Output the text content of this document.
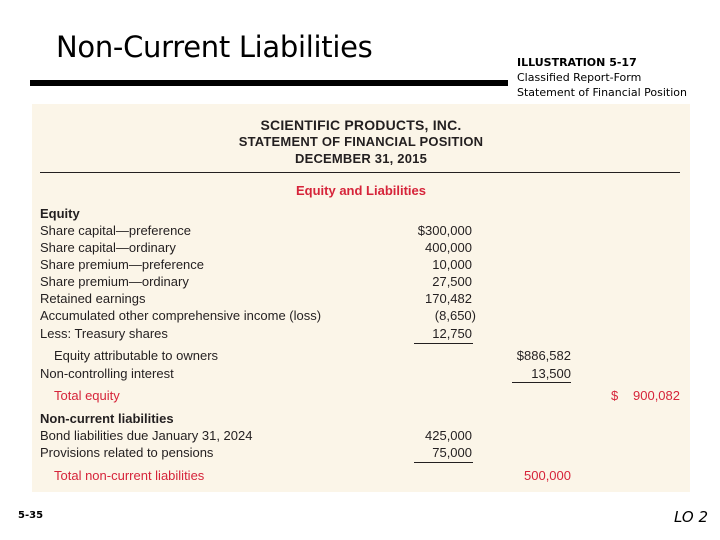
Non-Current Liabilities	ILLUSTRATION 5-17
Classified Report-Form
Statement of Financial Position
SCIENTIFIC PRODUCTS, INC.
STATEMENT OF FINANCIAL POSITION
DECEMBER 31, 2015
Equity and Liabilities
Equity
Share capital—preference	$300,000
Share capital—ordinary	400,000
Share premium—preference	10,000
Share premium—ordinary	27,500
Retained earnings	170,482
Accumulated other comprehensive income (loss)	(8,650)
Less: Treasury shares	12,750
Equity attributable to owners	$886,582
Non-controlling interest	13,500
Total equity	$ 900,082
Non-current liabilities
Bond liabilities due January 31, 2024	425,000
Provisions related to pensions	75,000
Total non-current liabilities	500,000
5-35	LO 2
